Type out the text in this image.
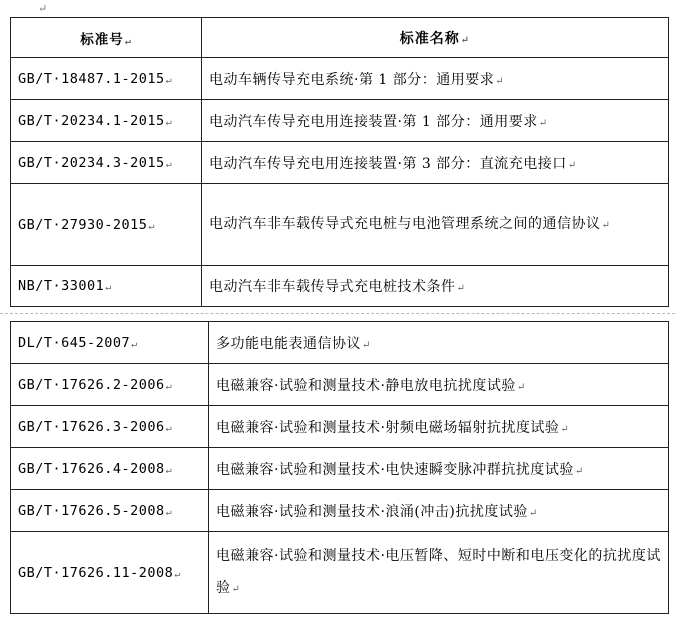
↵
标准号 ↵	标准名称 ↵
GB/T·18487.1-2015 ↵	电动车辆传导充电系统·第 1 部分：通用要求 ↵
GB/T·20234.1-2015 ↵	电动汽车传导充电用连接装置·第 1 部分：通用要求 ↵
GB/T·20234.3-2015 ↵	电动汽车传导充电用连接装置·第 3 部分：直流充电接口 ↵
GB/T·27930-2015 ↵	电动汽车非车载传导式充电桩与电池管理系统之间的通信协议 ↵
NB/T·33001 ↵	电动汽车非车载传导式充电桩技术条件 ↵
DL/T·645-2007 ↵	多功能电能表通信协议 ↵
GB/T·17626.2-2006 ↵	电磁兼容·试验和测量技术·静电放电抗扰度试验 ↵
GB/T·17626.3-2006 ↵	电磁兼容·试验和测量技术·射频电磁场辐射抗扰度试验 ↵
GB/T·17626.4-2008 ↵	电磁兼容·试验和测量技术·电快速瞬变脉冲群抗扰度试验 ↵
GB/T·17626.5-2008 ↵	电磁兼容·试验和测量技术·浪涌(冲击)抗扰度试验 ↵
GB/T·17626.11-2008 ↵	电磁兼容·试验和测量技术·电压暂降、短时中断和电压变化的抗扰度试验 ↵
